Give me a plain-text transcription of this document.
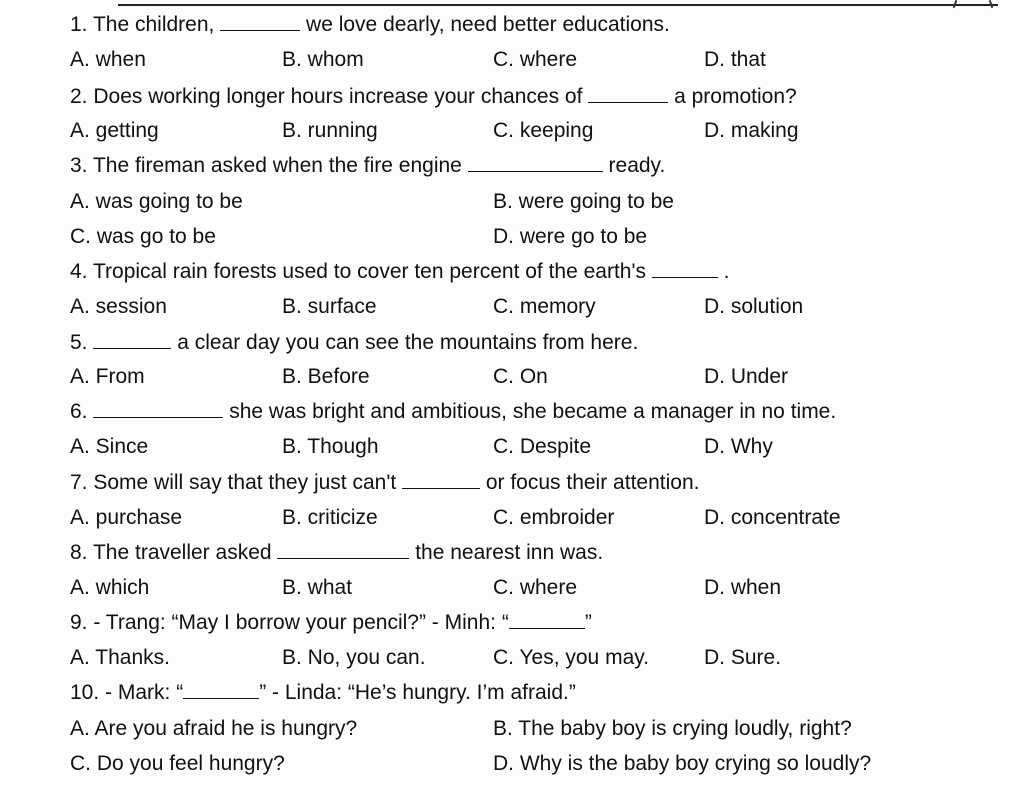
1. The children,	we love dearly, need better educations.
A. when	B. whom	C. where	D. that
2. Does working longer hours increase your chances of	a promotion?
A. getting	B. running	C. keeping	D. making
3. The fireman asked when the fire engine	ready.
A. was going to be	B. were going to be
C. was go to be	D. were go to be
4. Tropical rain forests used to cover ten percent of the earth's	.
A. session	B. surface	C. memory	D. solution
5.	a clear day you can see the mountains from here.
A. From	B. Before	C. On	D. Under
6.	she was bright and ambitious, she became a manager in no time.
A. Since	B. Though	C. Despite	D. Why
7. Some will say that they just can't	or focus their attention.
A. purchase	B. criticize	C. embroider	D. concentrate
8. The traveller asked	the nearest inn was.
A. which	B. what	C. where	D. when
9. - Trang: “May I borrow your pencil?” - Minh: “	”
A. Thanks.	B. No, you can.	C. Yes, you may.	D. Sure.
10. - Mark: “	” - Linda: “He’s hungry. I’m afraid.”
A. Are you afraid he is hungry?	B. The baby boy is crying loudly, right?
C. Do you feel hungry?	D. Why is the baby boy crying so loudly?
